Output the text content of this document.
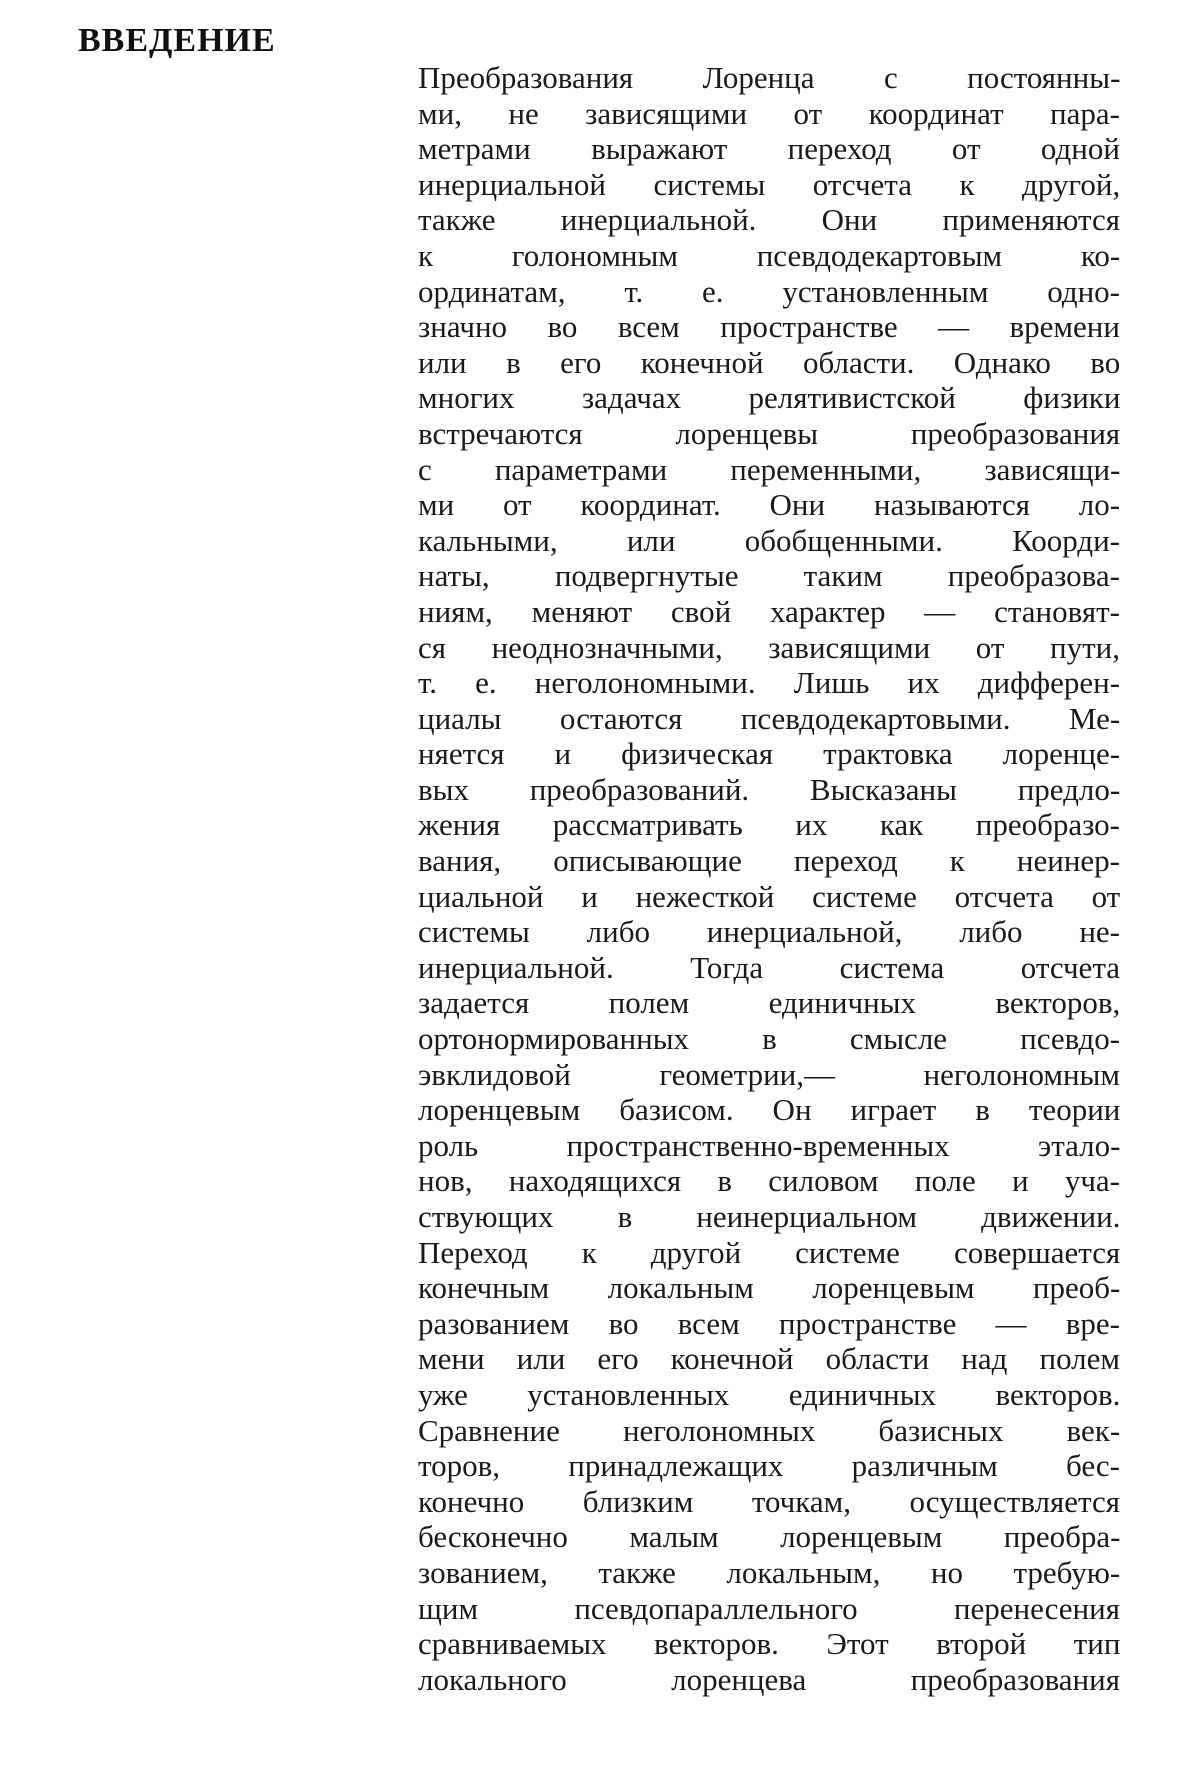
ВВЕДЕНИЕ
Преобразования Лоренца с постоянны-
ми, не зависящими от координат пара-
метрами выражают переход от одной
инерциальной системы отсчета к другой,
также инерциальной. Они применяются
к голономным псевдодекартовым ко-
ординатам, т. е. установленным одно-
значно во всем пространстве — времени
или в его конечной области. Однако во
многих задачах релятивистской физики
встречаются лоренцевы преобразования
с параметрами переменными, зависящи-
ми от координат. Они называются ло-
кальными, или обобщенными. Коорди-
наты, подвергнутые таким преобразова-
ниям, меняют свой характер — становят-
ся неоднозначными, зависящими от пути,
т. е. неголономными. Лишь их дифферен-
циалы остаются псевдодекартовыми. Ме-
няется и физическая трактовка лоренце-
вых преобразований. Высказаны предло-
жения рассматривать их как преобразо-
вания, описывающие переход к неинер-
циальной и нежесткой системе отсчета от
системы либо инерциальной, либо не-
инерциальной. Тогда система отсчета
задается полем единичных векторов,
ортонормированных в смысле псевдо-
эвклидовой геометрии,— неголономным
лоренцевым базисом. Он играет в теории
роль пространственно-временных этало-
нов, находящихся в силовом поле и уча-
ствующих в неинерциальном движении.
Переход к другой системе совершается
конечным локальным лоренцевым преоб-
разованием во всем пространстве — вре-
мени или его конечной области над полем
уже установленных единичных векторов.
Сравнение неголономных базисных век-
торов, принадлежащих различным бес-
конечно близким точкам, осуществляется
бесконечно малым лоренцевым преобра-
зованием, также локальным, но требую-
щим псевдопараллельного перенесения
сравниваемых векторов. Этот второй тип
локального лоренцева преобразования
